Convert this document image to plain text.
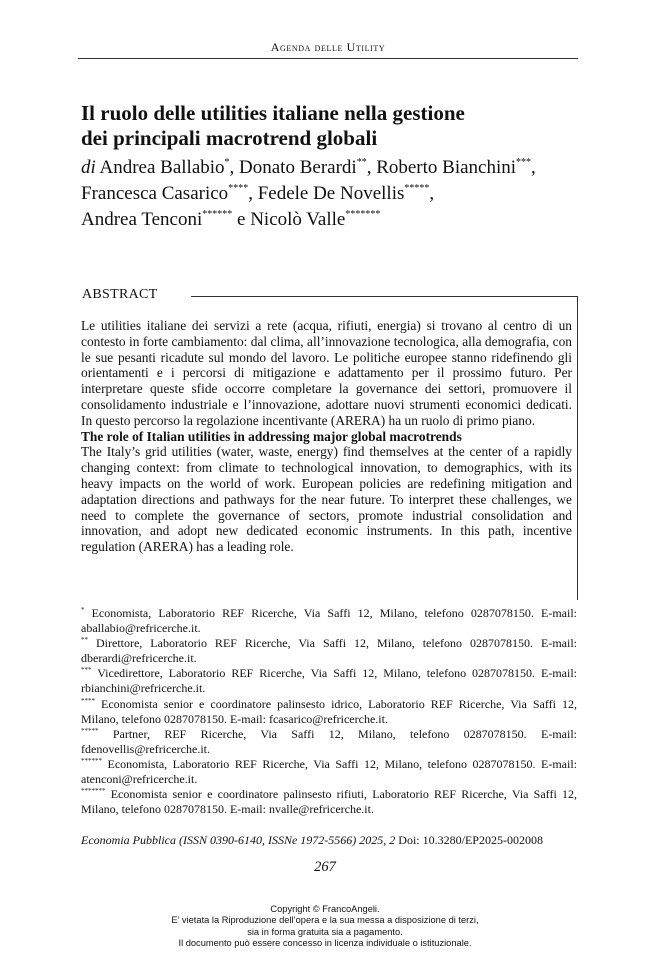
Agenda delle Utility
Il ruolo delle utilities italiane nella gestione
dei principali macrotrend globali

di Andrea Ballabio*, Donato Berardi**, Roberto Bianchini***,
Francesca Casarico****, Fedele De Novellis*****,
Andrea Tenconi****** e Nicolò Valle*******

ABSTRACT

Le utilities italiane dei servizi a rete (acqua, rifiuti, energia) si trovano al centro di un contesto in forte cambiamento: dal clima, all’innovazione tecnologica, alla demografia, con le sue pesanti ricadute sul mondo del lavoro. Le politiche europee stanno ridefinendo gli orientamenti e i percorsi di mitigazione e adattamento per il prossimo futuro. Per interpretare queste sfide occorre completare la governance dei settori, promuovere il consolidamento industriale e l’innovazione, adottare nuovi strumenti economici dedicati. In questo percorso la regolazione incentivante (ARERA) ha un ruolo di primo piano.

The role of Italian utilities in addressing major global macrotrends

The Italy’s grid utilities (water, waste, energy) find themselves at the center of a rapidly changing context: from climate to technological innovation, to demographics, with its heavy impacts on the world of work. European policies are redefining mitigation and adaptation directions and pathways for the near future. To interpret these challenges, we need to complete the governance of sectors, promote industrial consolidation and innovation, and adopt new dedicated economic instruments. In this path, incentive regulation (ARERA) has a leading role.

* Economista, Laboratorio REF Ricerche, Via Saffi 12, Milano, telefono 0287078150. E-mail: aballabio@refricerche.it.

** Direttore, Laboratorio REF Ricerche, Via Saffi 12, Milano, telefono 0287078150. E-mail: dberardi@refricerche.it.

*** Vicedirettore, Laboratorio REF Ricerche, Via Saffi 12, Milano, telefono 0287078150. E-mail: rbianchini@refricerche.it.

**** Economista senior e coordinatore palinsesto idrico, Laboratorio REF Ricerche, Via Saffi 12, Milano, telefono 0287078150. E-mail: fcasarico@refricerche.it.

***** Partner, REF Ricerche, Via Saffi 12, Milano, telefono 0287078150. E-mail: fdenovellis@refricerche.it.

****** Economista, Laboratorio REF Ricerche, Via Saffi 12, Milano, telefono 0287078150. E-mail: atenconi@refricerche.it.

******* Economista senior e coordinatore palinsesto rifiuti, Laboratorio REF Ricerche, Via Saffi 12, Milano, telefono 0287078150. E-mail: nvalle@refricerche.it.

Economia Pubblica (ISSN 0390-6140, ISSNe 1972-5566) 2025, 2 Doi: 10.3280/EP2025-002008
267
Copyright © FrancoAngeli.
E’ vietata la Riproduzione dell’opera e la sua messa a disposizione di terzi,
sia in forma gratuita sia a pagamento.
Il documento può essere concesso in licenza individuale o istituzionale.
